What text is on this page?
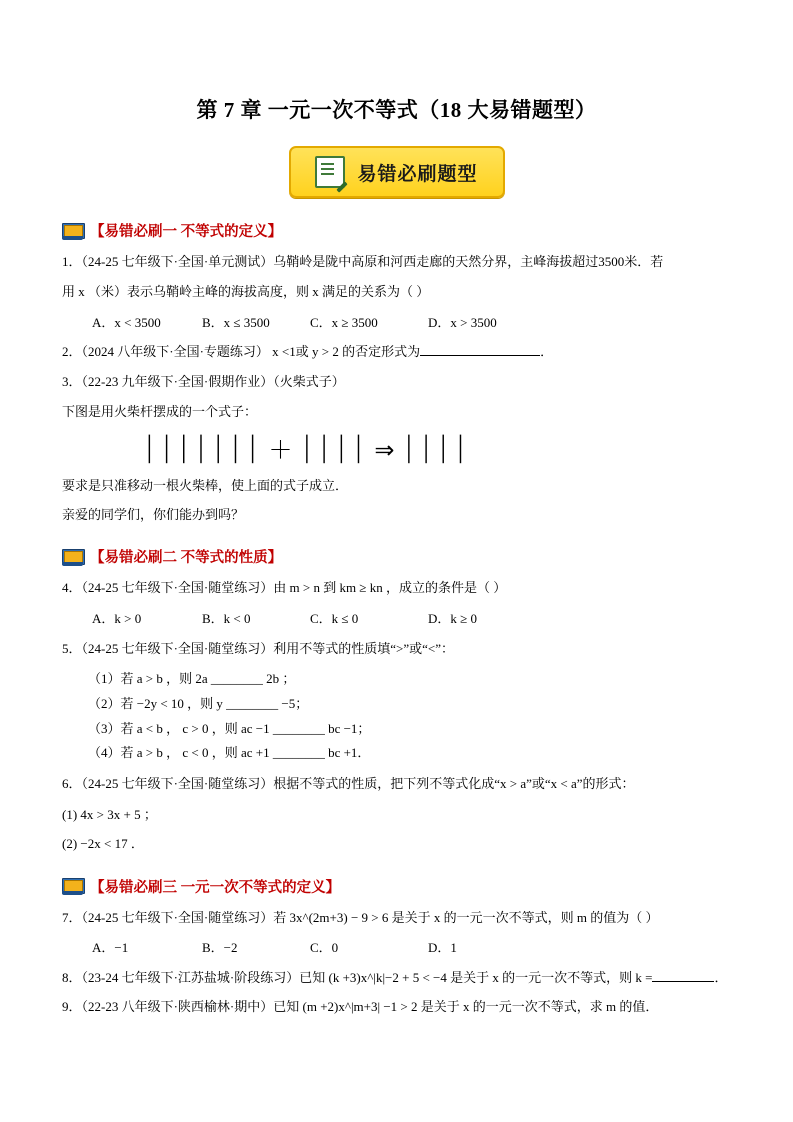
第 7 章 一元一次不等式（18 大易错题型）
易错必刷题型
【易错必刷一 不等式的定义】
1．（24-25 七年级下·全国·单元测试）乌鞘岭是陇中高原和河西走廊的天然分界，主峰海拔超过3500米．若
用 x （米）表示乌鞘岭主峰的海拔高度，则 x 满足的关系为（ ）
A．x < 3500	B．x ≤ 3500	C．x ≥ 3500	D．x > 3500
2．（2024 八年级下·全国·专题练习） x <1或 y > 2 的否定形式为	．
3．（22-23 九年级下·全国·假期作业）（火柴式子）
下图是用火柴杆摆成的一个式子：
⏐⏐⏐⏐⏐⏐⏐ ＋ ⏐⏐⏐⏐ ⇒ ⏐⏐⏐⏐
要求是只准移动一根火柴棒，使上面的式子成立．
亲爱的同学们，你们能办到吗？
【易错必刷二 不等式的性质】
4．（24-25 七年级下·全国·随堂练习）由 m > n 到 km ≥ kn ，成立的条件是（ ）
A．k > 0	B．k < 0	C．k ≤ 0	D．k ≥ 0
5．（24-25 七年级下·全国·随堂练习）利用不等式的性质填“>”或“<”：
（1）若 a > b ，则 2a ________ 2b ；
（2）若 −2y < 10 ，则 y ________ −5；
（3）若 a < b ， c > 0 ，则 ac −1 ________ bc −1；
（4）若 a > b ， c < 0 ，则 ac +1 ________ bc +1．
6．（24-25 七年级下·全国·随堂练习）根据不等式的性质，把下列不等式化成“x > a”或“x < a”的形式：
(1) 4x > 3x + 5 ；
(2) −2x < 17 ．
【易错必刷三 一元一次不等式的定义】
7．（24-25 七年级下·全国·随堂练习）若 3x^(2m+3) − 9 > 6 是关于 x 的一元一次不等式，则 m 的值为（ ）
A．−1	B．−2	C．0	D．1
8．（23-24 七年级下·江苏盐城·阶段练习）已知 (k +3)x^|k|−2 + 5 < −4 是关于 x 的一元一次不等式，则 k =	．
9．（22-23 八年级下·陕西榆林·期中）已知 (m +2)x^|m+3| −1 > 2 是关于 x 的一元一次不等式，求 m 的值．
